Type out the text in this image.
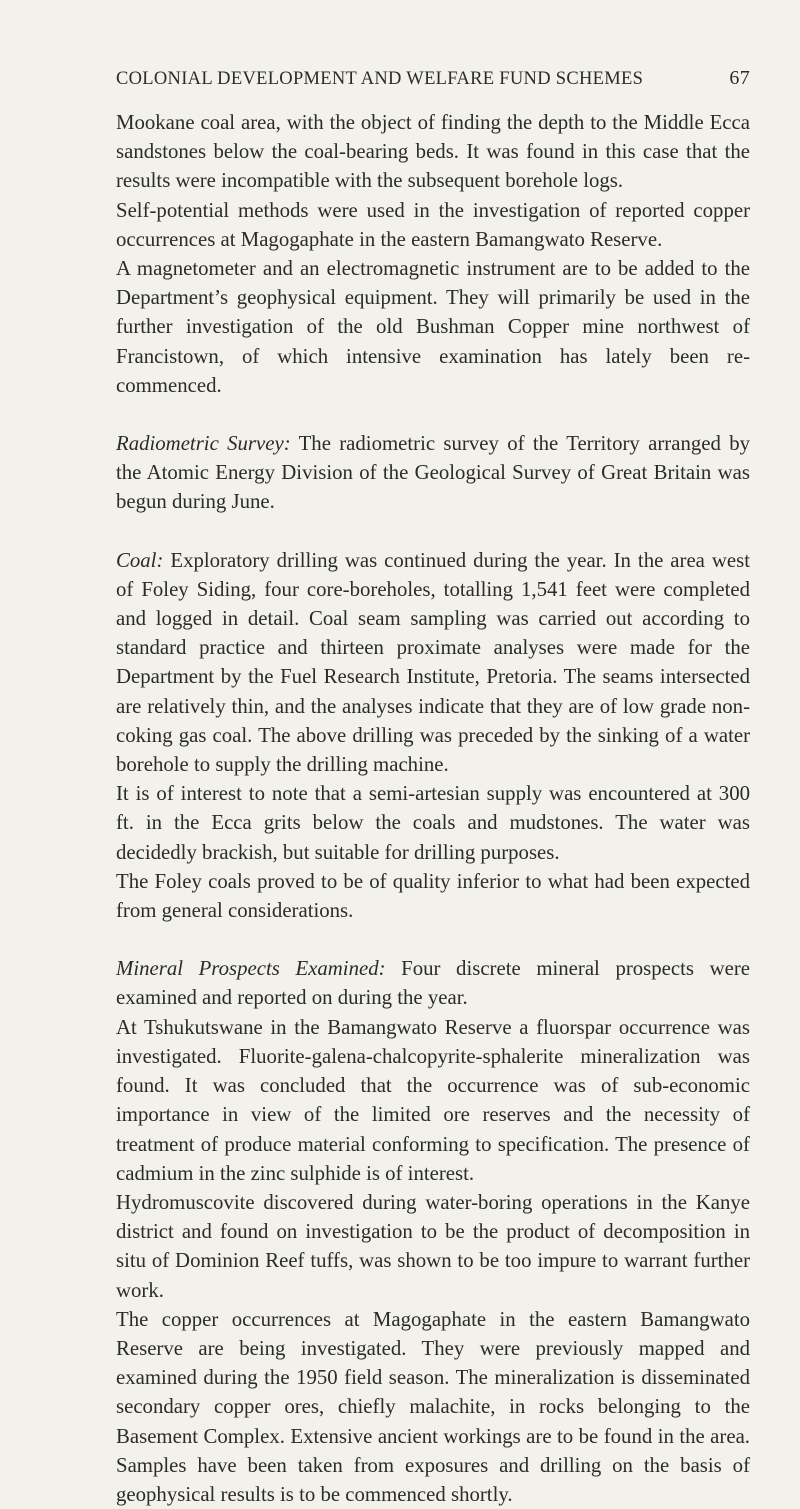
COLONIAL DEVELOPMENT AND WELFARE FUND SCHEMES	67

Mookane coal area, with the object of finding the depth to the Middle Ecca sandstones below the coal-bearing beds. It was found in this case that the results were incompatible with the subsequent borehole logs.

Self-potential methods were used in the investigation of reported copper occurrences at Magogaphate in the eastern Bamangwato Reserve.

A magnetometer and an electromagnetic instrument are to be added to the Department’s geophysical equipment. They will primarily be used in the further investigation of the old Bushman Copper mine northwest of Francistown, of which intensive examination has lately been re-commenced.

Radiometric Survey: The radiometric survey of the Territory arranged by the Atomic Energy Division of the Geological Survey of Great Britain was begun during June.

Coal: Exploratory drilling was continued during the year. In the area west of Foley Siding, four core-boreholes, totalling 1,541 feet were completed and logged in detail. Coal seam sampling was carried out according to standard practice and thirteen proximate analyses were made for the Department by the Fuel Research Institute, Pretoria. The seams intersected are relatively thin, and the analyses indicate that they are of low grade non-coking gas coal. The above drilling was preceded by the sinking of a water borehole to supply the drilling machine.

It is of interest to note that a semi-artesian supply was encountered at 300 ft. in the Ecca grits below the coals and mudstones. The water was decidedly brackish, but suitable for drilling purposes.

The Foley coals proved to be of quality inferior to what had been expected from general considerations.

Mineral Prospects Examined: Four discrete mineral prospects were examined and reported on during the year.

At Tshukutswane in the Bamangwato Reserve a fluorspar occurrence was investigated. Fluorite-galena-chalcopyrite-sphalerite mineralization was found. It was concluded that the occurrence was of sub-economic importance in view of the limited ore reserves and the necessity of treatment of produce material conforming to specification. The presence of cadmium in the zinc sulphide is of interest.

Hydromuscovite discovered during water-boring operations in the Kanye district and found on investigation to be the product of decomposition in situ of Dominion Reef tuffs, was shown to be too impure to warrant further work.

The copper occurrences at Magogaphate in the eastern Bamangwato Reserve are being investigated. They were previously mapped and examined during the 1950 field season. The mineralization is disseminated secondary copper ores, chiefly malachite, in rocks belonging to the Basement Complex. Extensive ancient workings are to be found in the area. Samples have been taken from exposures and drilling on the basis of geophysical results is to be commenced shortly.
